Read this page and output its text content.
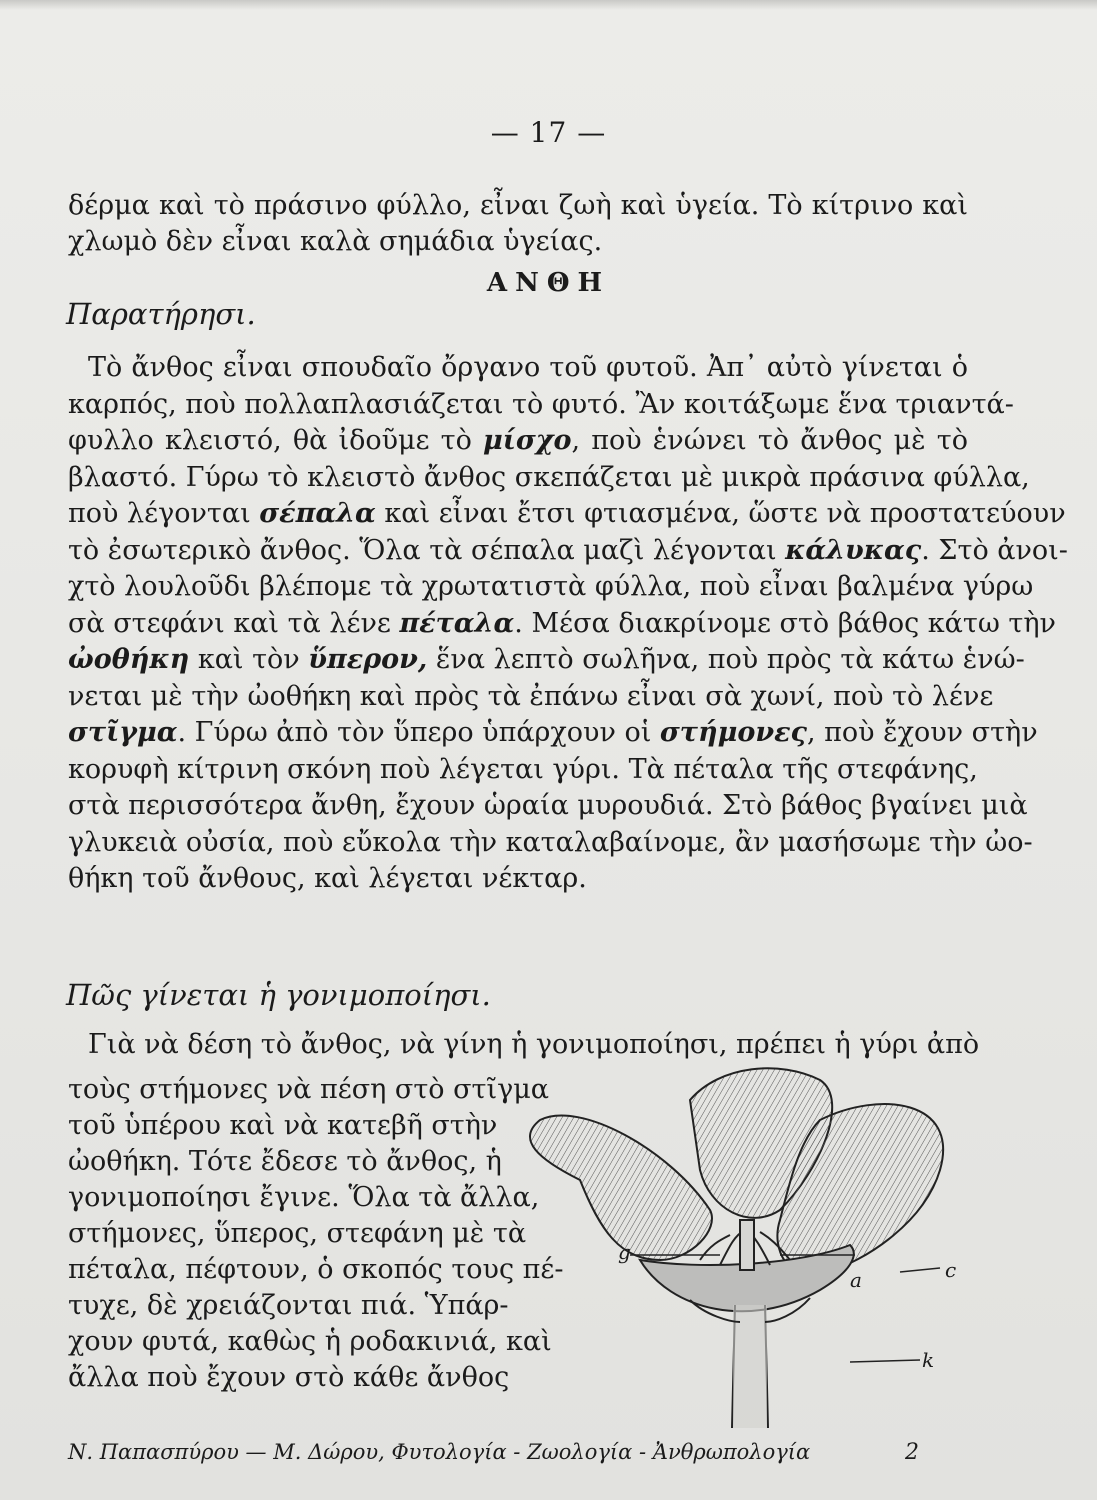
— 17 —
δέρμα καὶ τὸ πράσινο φύλλο, εἶναι ζωὴ καὶ ὑγεία. Τὸ κίτρινο καὶ
χλωμὸ δὲν εἶναι καλὰ σημάδια ὑγείας.
ΑΝΘΗ
Παρατήρησι.
Τὸ ἄνθος εἶναι σπουδαῖο ὄργανο τοῦ φυτοῦ. Ἀπ᾽ αὐτὸ γίνεται ὁ
καρπός, ποὺ πολλαπλασιάζεται τὸ φυτό. Ἂν κοιτάξωμε ἕνα τριαντά-
φυλλο κλειστό, θὰ ἰδοῦμε τὸ μίσχο, ποὺ ἑνώνει τὸ ἄνθος μὲ τὸ
βλαστό. Γύρω τὸ κλειστὸ ἄνθος σκεπάζεται μὲ μικρὰ πράσινα φύλλα,
ποὺ λέγονται σέπαλα καὶ εἶναι ἔτσι φτιασμένα, ὥστε νὰ προστατεύουν
τὸ ἐσωτερικὸ ἄνθος. Ὅλα τὰ σέπαλα μαζὶ λέγονται κάλυκας. Στὸ ἀνοι-
χτὸ λουλοῦδι βλέπομε τὰ χρωτατιστὰ φύλλα, ποὺ εἶναι βαλμένα γύρω
σὰ στεφάνι καὶ τὰ λένε πέταλα. Μέσα διακρίνομε στὸ βάθος κάτω τὴν
ὠοθήκη καὶ τὸν ὕπερον, ἕνα λεπτὸ σωλῆνα, ποὺ πρὸς τὰ κάτω ἑνώ-
νεται μὲ τὴν ὠοθήκη καὶ πρὸς τὰ ἐπάνω εἶναι σὰ χωνί, ποὺ τὸ λένε
στῖγμα. Γύρω ἀπὸ τὸν ὕπερο ὑπάρχουν οἱ στήμονες, ποὺ ἔχουν στὴν
κορυφὴ κίτρινη σκόνη ποὺ λέγεται γύρι. Τὰ πέταλα τῆς στεφάνης,
στὰ περισσότερα ἄνθη, ἔχουν ὡραία μυρουδιά. Στὸ βάθος βγαίνει μιὰ
γλυκειὰ οὐσία, ποὺ εὔκολα τὴν καταλαβαίνομε, ἂν μασήσωμε τὴν ὠο-
θήκη τοῦ ἄνθους, καὶ λέγεται νέκταρ.
Πῶς γίνεται ἡ γονιμοποίησι.
Γιὰ νὰ δέση τὸ ἄνθος, νὰ γίνη ἡ γονιμοποίησι, πρέπει ἡ γύρι ἀπὸ
τοὺς στήμονες νὰ πέση στὸ στῖγμα
τοῦ ὑπέρου καὶ νὰ κατεβῆ στὴν
ὠοθήκη. Τότε ἔδεσε τὸ ἄνθος, ἡ
γονιμοποίησι ἔγινε. Ὅλα τὰ ἄλλα,
στήμονες, ὕπερος, στεφάνη μὲ τὰ
πέταλα, πέφτουν, ὁ σκοπός τους πέ-
τυχε, δὲ χρειάζονται πιά. Ὑπάρ-
χουν φυτά, καθὼς ἡ ροδακινιά, καὶ
ἄλλα ποὺ ἔχουν στὸ κάθε ἄνθος
g
a	c
k
Ν. Παπασπύρου — Μ. Δώρου, Φυτολογία - Ζωολογία - Ἀνθρωπολογία	2
